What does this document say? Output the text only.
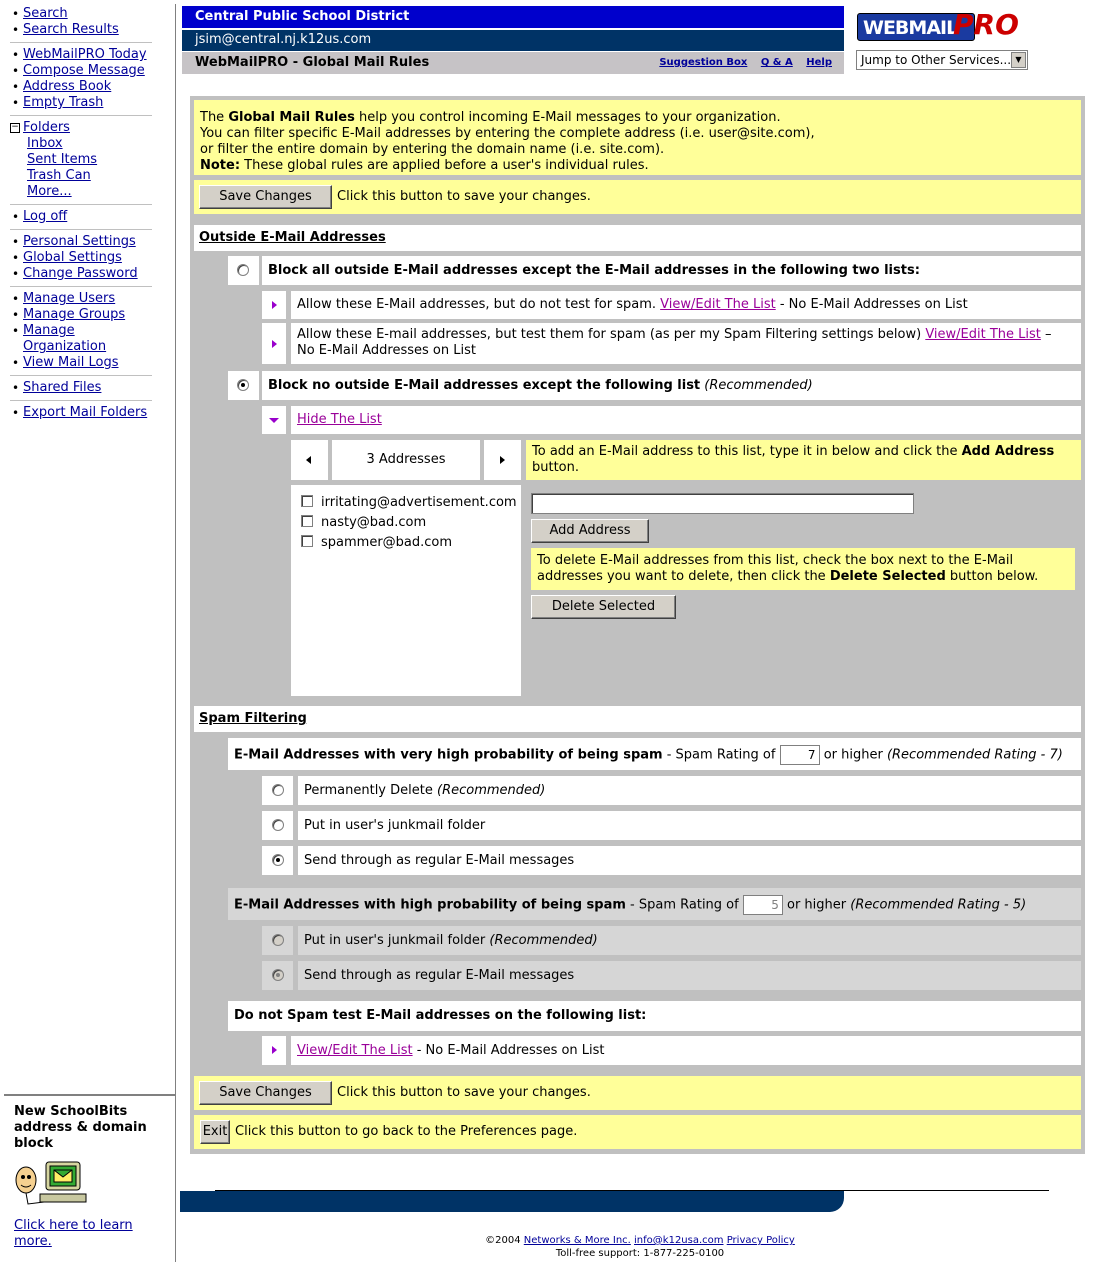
• Search
• Search Results
• WebMailPRO Today
• Compose Message
• Address Book
• Empty Trash
− Folders
Inbox
Sent Items
Trash Can
More...
• Log off
• Personal Settings
• Global Settings
• Change Password
• Manage Users
• Manage Groups
• Manage Organization
• View Mail Logs
• Shared Files
• Export Mail Folders
New SchoolBits address & domain block
Click here to learn more.
Central Public School District
jsim@central.nj.k12us.com
WebMailPRO - Global Mail Rules	Suggestion Box Q & A Help
WEBMAIL
PRO
Jump to Other Services... ▼
The Global Mail Rules help you control incoming E-Mail messages to your organization.
You can filter specific E-Mail addresses by entering the complete address (i.e. user@site.com),
or filter the entire domain by entering the domain name (i.e. site.com).
Note: These global rules are applied before a user's individual rules.
Save Changes	Click this button to save your changes.
Outside E-Mail Addresses
Block all outside E-Mail addresses except the E-Mail addresses in the following two lists:
Allow these E-Mail addresses, but do not test for spam. View/Edit The List - No E-Mail Addresses on List
Allow these E-mail addresses, but test them for spam (as per my Spam Filtering settings below) View/Edit The List –
No E-Mail Addresses on List
Block no outside E-Mail addresses except the following list (Recommended)
Hide The List
3 Addresses
To add an E-Mail address to this list, type it in below and click the Add Address button.
irritating@advertisement.com
nasty@bad.com
spammer@bad.com
Add Address
To delete E-Mail addresses from this list, check the box next to the E-Mail addresses you want to delete, then click the Delete Selected button below.
Delete Selected
Spam Filtering
E-Mail Addresses with very high probability of being spam - Spam Rating of	7 or higher (Recommended Rating - 7)
Permanently Delete (Recommended)
Put in user's junkmail folder
Send through as regular E-Mail messages
E-Mail Addresses with high probability of being spam - Spam Rating of	5 or higher (Recommended Rating - 5)
Put in user's junkmail folder (Recommended)
Send through as regular E-Mail messages
Do not Spam test E-Mail addresses on the following list:
View/Edit The List - No E-Mail Addresses on List
Save Changes	Click this button to save your changes.
Exit Click this button to go back to the Preferences page.
©2004 Networks & More Inc. info@k12usa.com Privacy Policy
Toll-free support: 1-877-225-0100
